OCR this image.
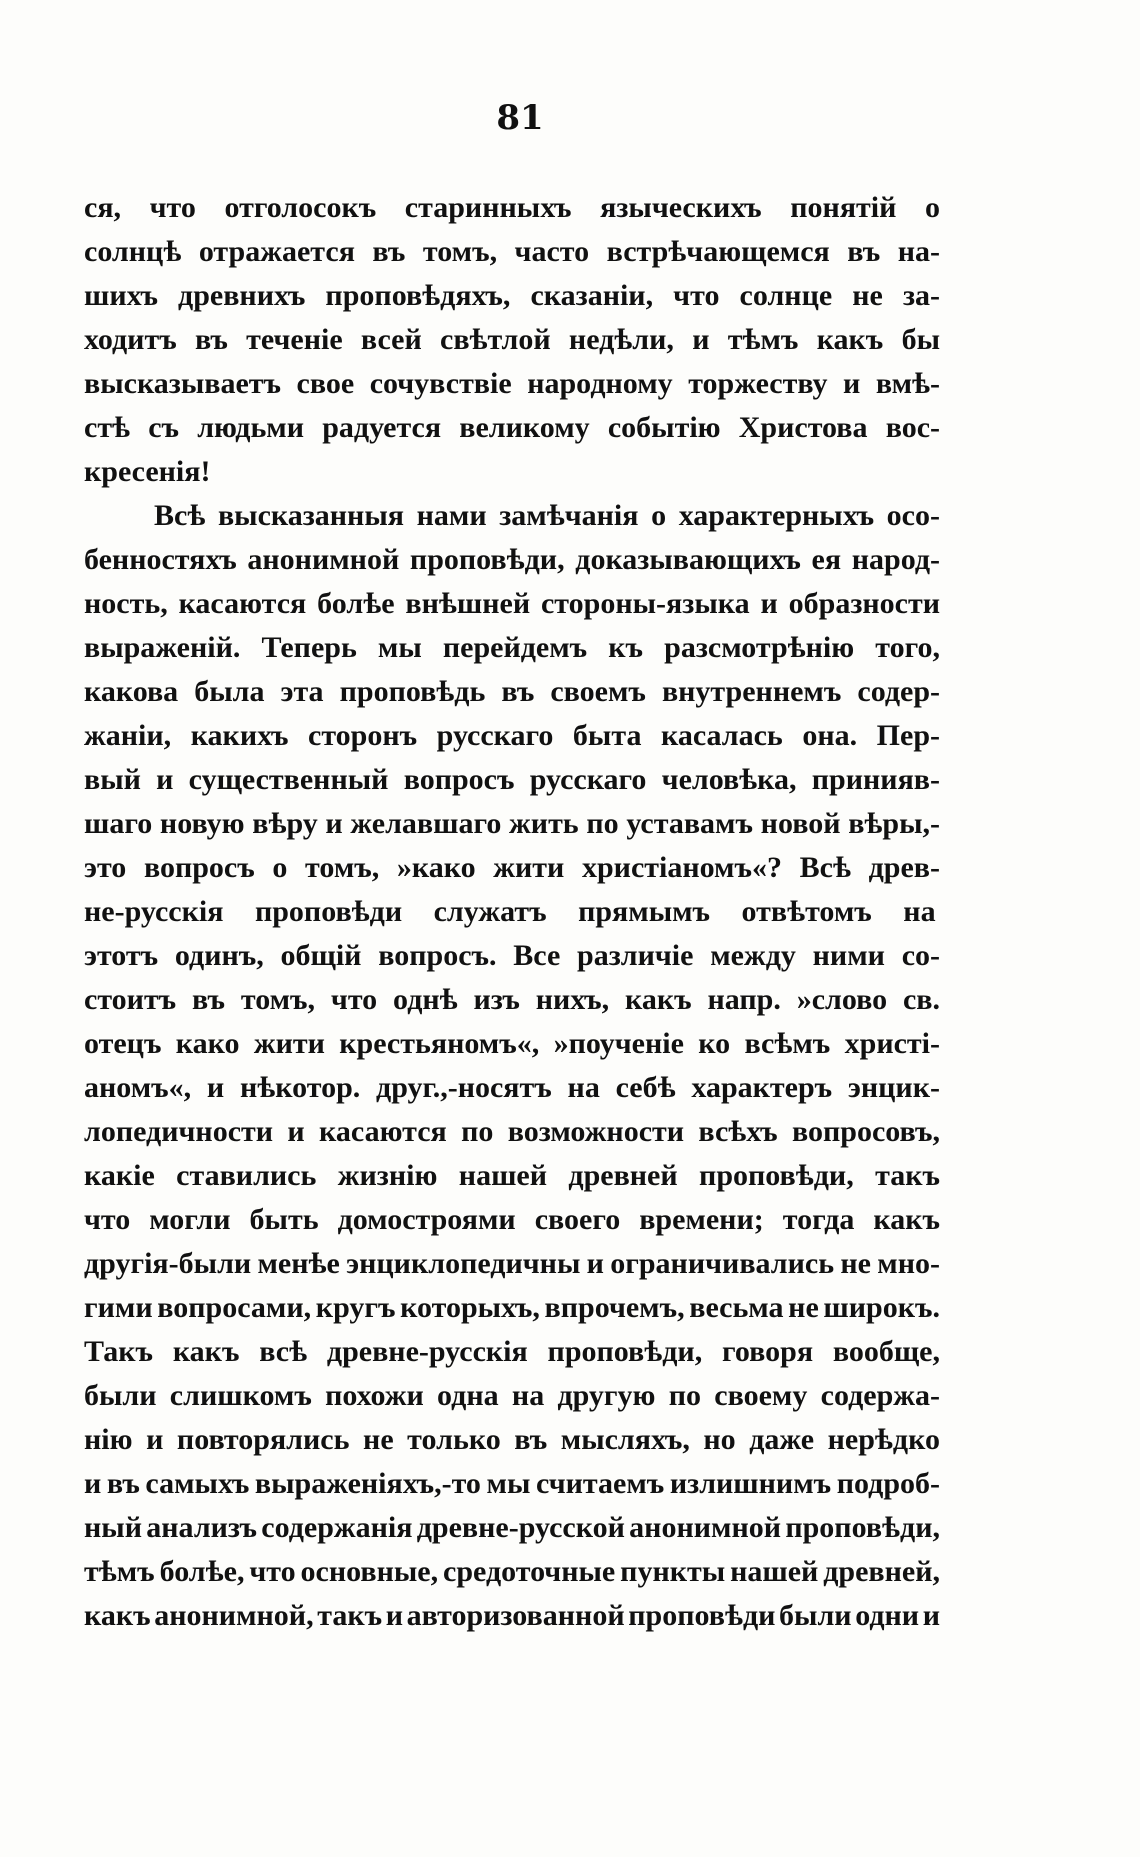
81
ся, что отголосокъ старинныхъ языческихъ понятій о
солнцѣ отражается въ томъ, часто встрѣчающемся въ на-
шихъ древнихъ проповѣдяхъ, сказаніи, что солнце не за-
ходитъ въ теченіе всей свѣтлой недѣли, и тѣмъ какъ бы
высказываетъ свое сочувствіе народному торжеству и вмѣ-
стѣ съ людьми радуется великому событію Христова вос-
кресенія!
Всѣ высказанныя нами замѣчанія о характерныхъ осо-
бенностяхъ анонимной проповѣди, доказывающихъ ея народ-
ность, касаются болѣе внѣшней стороны-языка и образности
выраженій. Теперь мы перейдемъ къ разсмотрѣнію того,
какова была эта проповѣдь въ своемъ внутреннемъ содер-
жаніи, какихъ сторонъ русскаго быта касалась она. Пер-
вый и существенный вопросъ русскаго человѣка, принияв-
шаго новую вѣру и желавшаго жить по уставамъ новой вѣры,-
это вопросъ о томъ, »како жити христіаномъ«? Всѣ древ-
не-русскія проповѣди служатъ прямымъ отвѣтомъ на
этотъ одинъ, общій вопросъ. Все различіе между ними со-
стоитъ въ томъ, что однѣ изъ нихъ, какъ напр. »слово св.
отецъ како жити крестьяномъ«, »поученіе ко всѣмъ христі-
аномъ«, и нѣкотор. друг.,-носятъ на себѣ характеръ энцик-
лопедичности и касаются по возможности всѣхъ вопросовъ,
какіе ставились жизнію нашей древней проповѣди, такъ
что могли быть домостроями своего времени; тогда какъ
другія-были менѣе энциклопедичны и ограничивались не мно-
гими вопросами, кругъ которыхъ, впрочемъ, весьма не широкъ.
Такъ какъ всѣ древне-русскія проповѣди, говоря вообще,
были слишкомъ похожи одна на другую по своему содержа-
нію и повторялись не только въ мысляхъ, но даже нерѣдко
и въ самыхъ выраженіяхъ,-то мы считаемъ излишнимъ подроб-
ный анализъ содержанія древне-русской анонимной проповѣди,
тѣмъ болѣе, что основные, средоточные пункты нашей древней,
какъ анонимной, такъ и авторизованной проповѣди были одни и
